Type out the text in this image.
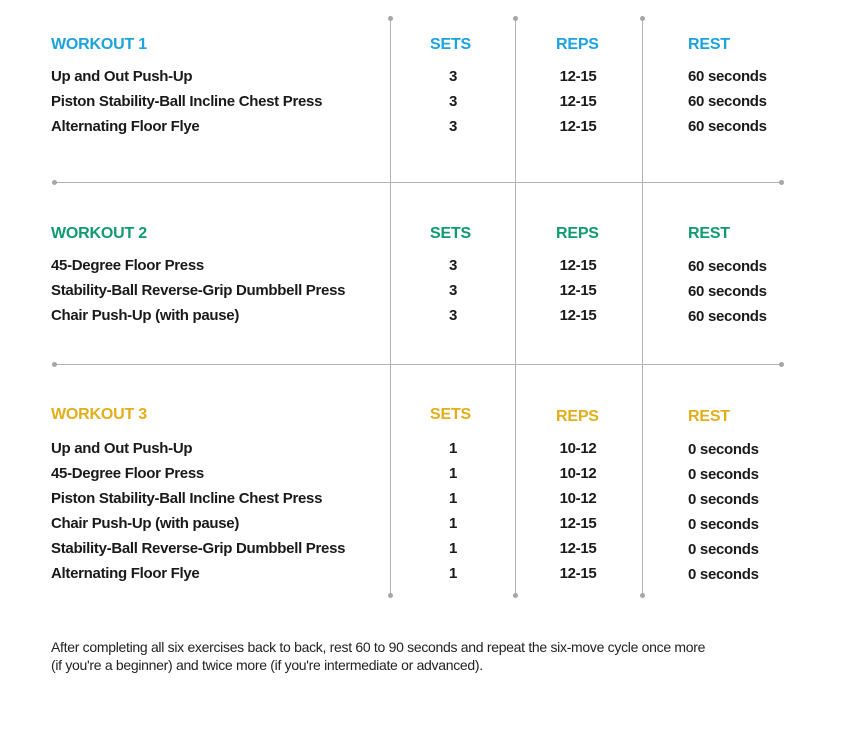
WORKOUT 1	SETS	REPS	REST
Up and Out Push-Up	3	12-15	60 seconds
Piston Stability-Ball Incline Chest Press	3	12-15	60 seconds
Alternating Floor Flye	3	12-15	60 seconds
WORKOUT 2	SETS	REPS	REST
45-Degree Floor Press	3	12-15	60 seconds
Stability-Ball Reverse-Grip Dumbbell Press	3	12-15	60 seconds
Chair Push-Up (with pause)	3	12-15	60 seconds
WORKOUT 3	SETS	REPS	REST
Up and Out Push-Up	1	10-12	0 seconds
45-Degree Floor Press	1	10-12	0 seconds
Piston Stability-Ball Incline Chest Press	1	10-12	0 seconds
Chair Push-Up (with pause)	1	12-15	0 seconds
Stability-Ball Reverse-Grip Dumbbell Press	1	12-15	0 seconds
Alternating Floor Flye	1	12-15	0 seconds
After completing all six exercises back to back, rest 60 to 90 seconds and repeat the six-move cycle once more
(if you're a beginner) and twice more (if you're intermediate or advanced).
